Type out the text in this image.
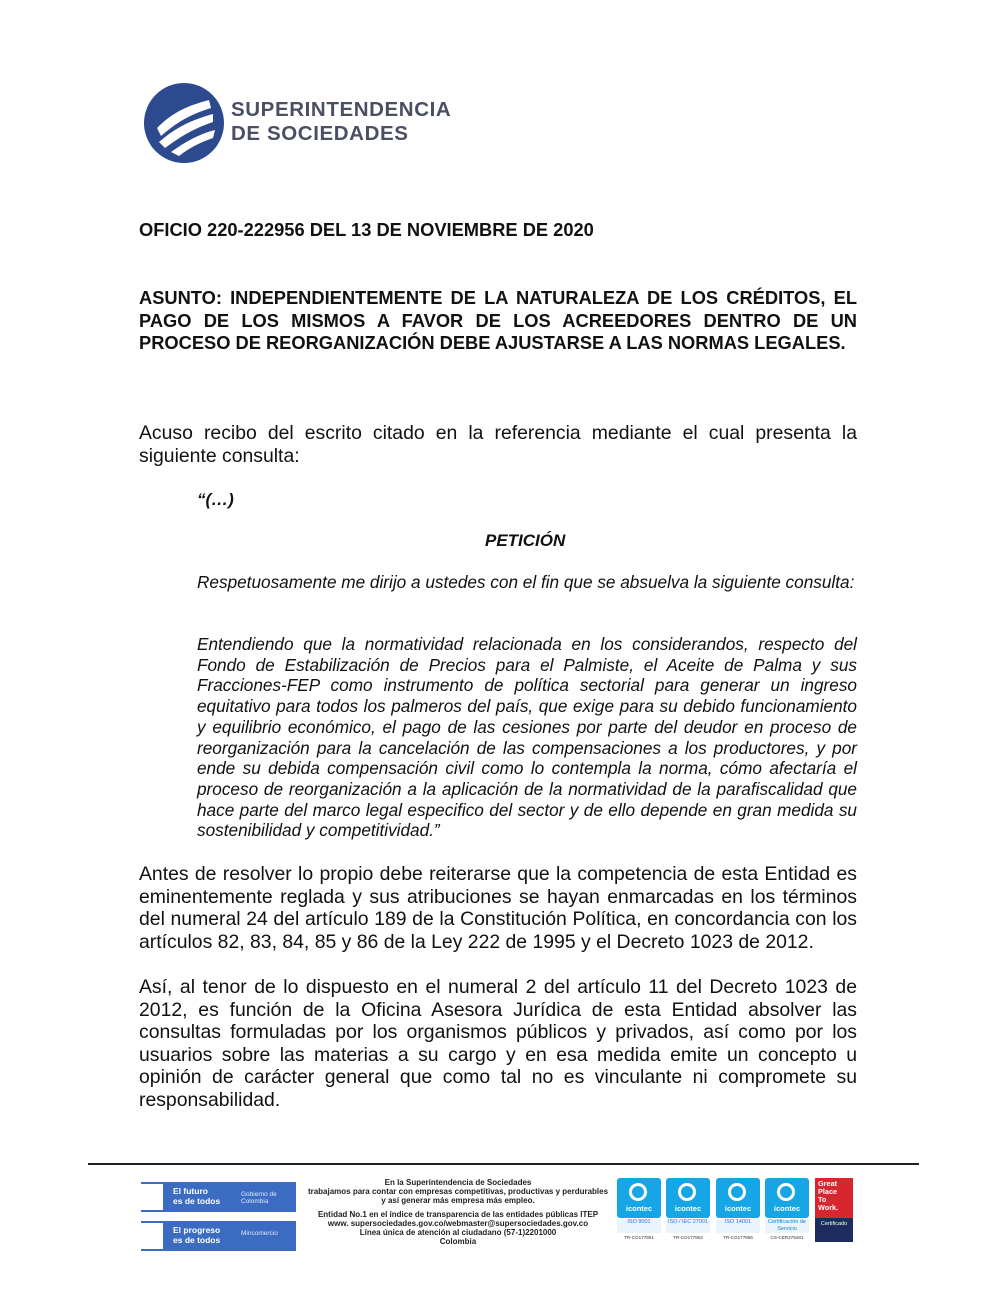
SUPERINTENDENCIA
DE SOCIEDADES
OFICIO 220-222956 DEL 13 DE NOVIEMBRE DE 2020
ASUNTO: INDEPENDIENTEMENTE DE LA NATURALEZA DE LOS CRÉDITOS, EL PAGO DE LOS MISMOS A FAVOR DE LOS ACREEDORES DENTRO DE UN PROCESO DE REORGANIZACIÓN DEBE AJUSTARSE A LAS NORMAS LEGALES.
Acuso recibo del escrito citado en la referencia mediante el cual presenta la siguiente consulta:
“(…)
PETICIÓN
Respetuosamente me dirijo a ustedes con el fin que se absuelva la siguiente consulta:
Entendiendo que la normatividad relacionada en los considerandos, respecto del Fondo de Estabilización de Precios para el Palmiste, el Aceite de Palma y sus Fracciones-FEP como instrumento de política sectorial para generar un ingreso equitativo para todos los palmeros del país, que exige para su debido funcionamiento y equilibrio económico, el pago de las cesiones por parte del deudor en proceso de reorganización para la cancelación de las compensaciones a los productores, y por ende su debida compensación civil como lo contempla la norma, cómo afectaría el proceso de reorganización a la aplicación de la normatividad de la parafiscalidad que hace parte del marco legal especifico del sector y de ello depende en gran medida su sostenibilidad y competitividad.”
Antes de resolver lo propio debe reiterarse que la competencia de esta Entidad es eminentemente reglada y sus atribuciones se hayan enmarcadas en los términos del numeral 24 del artículo 189 de la Constitución Política, en concordancia con los artículos 82, 83, 84, 85 y 86 de la Ley 222 de 1995 y el Decreto 1023 de 2012.
Así, al tenor de lo dispuesto en el numeral 2 del artículo 11 del Decreto 1023 de 2012, es función de la Oficina Asesora Jurídica de esta Entidad absolver las consultas formuladas por los organismos públicos y privados, así como por los usuarios sobre las materias a su cargo y en esa medida emite un concepto u opinión de carácter general que como tal no es vinculante ni compromete su responsabilidad.
El futuro
es de todos
Gobierno de Colombia
El progreso
es de todos
Mincomercio
En la Superintendencia de Sociedades
trabajamos para contar con empresas competitivas, productivas y perdurables
y así generar más empresa más empleo.
Entidad No.1 en el índice de transparencia de las entidades públicas ITEP
www. supersociedades.gov.co/webmaster@supersociedades.gov.co
Línea única de atención al ciudadano (57-1)2201000
Colombia
icontec
ISO 9001
TR-CO177851
icontec
ISO / IEC 27001
TR-CO177852
icontec
ISO 14001
TR-CO177856
icontec
Certificación de Servicio
CS-CER279481
Great
Place
To
Work.
Certificado
